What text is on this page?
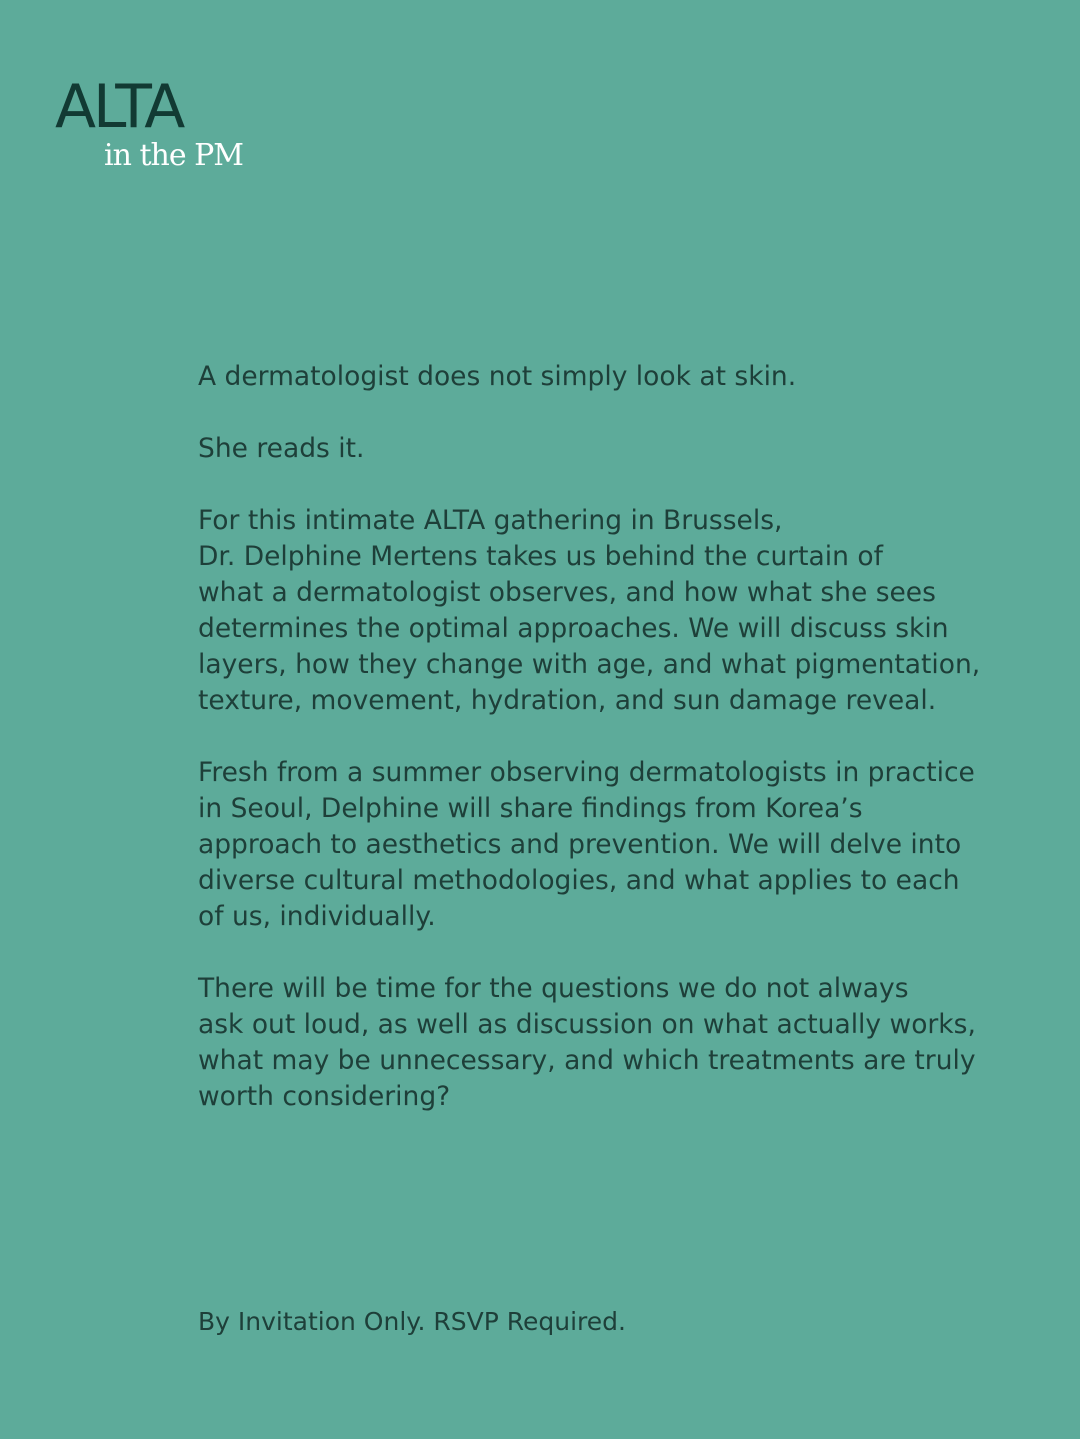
ALTA
in the PM

A dermatologist does not simply look at skin.

She reads it.

For this intimate ALTA gathering in Brussels,
Dr. Delphine Mertens takes us behind the curtain of
what a dermatologist observes, and how what she sees
determines the optimal approaches. We will discuss skin
layers, how they change with age, and what pigmentation,
texture, movement, hydration, and sun damage reveal.

Fresh from a summer observing dermatologists in practice
in Seoul, Delphine will share findings from Korea’s
approach to aesthetics and prevention. We will delve into
diverse cultural methodologies, and what applies to each
of us, individually.

There will be time for the questions we do not always
ask out loud, as well as discussion on what actually works,
what may be unnecessary, and which treatments are truly
worth considering?

By Invitation Only. RSVP Required.
